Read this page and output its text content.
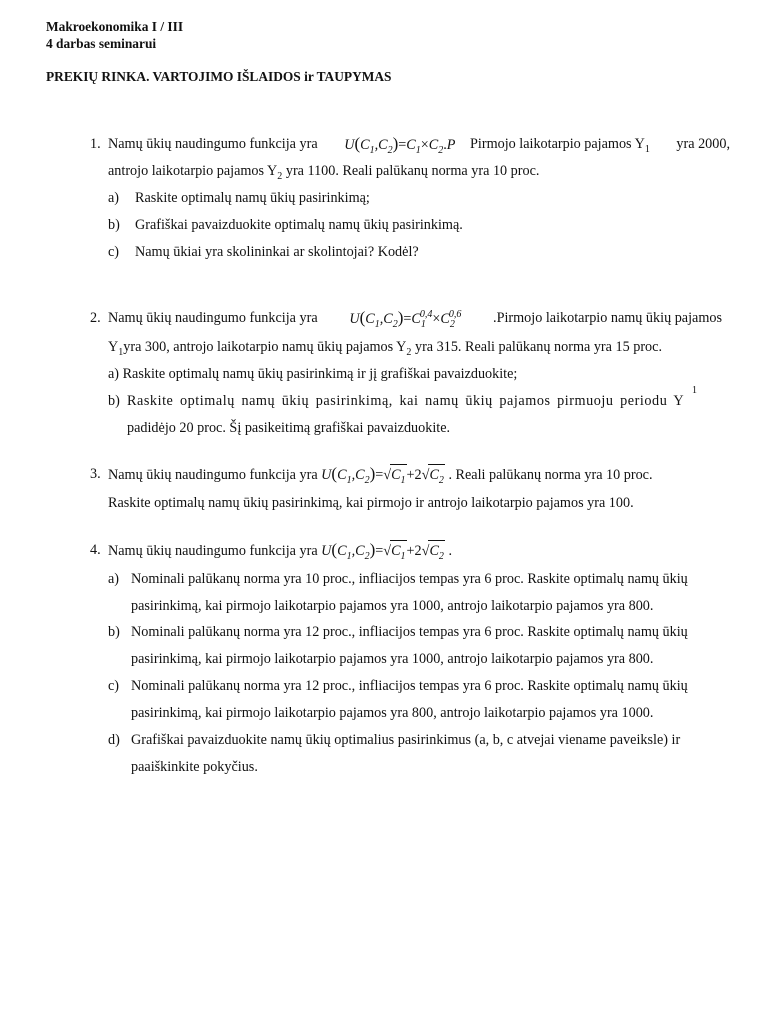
Makroekonomika I / III
4 darbas seminarui
PREKIŲ RINKA. VARTOJIMO IŠLAIDOS ir TAUPYMAS
1. Namų ūkių naudingumo funkcija yra $U(C_1,C_2)=C_1\times C_2.P$ Pirmojo laikotarpio pajamos $Y_1$ yra 2000,
antrojo laikotarpio pajamos $Y_2$ yra 1100. Reali palūkanų norma yra 10 proc.
a) Raskite optimalų namų ūkių pasirinkimą;
b) Grafiškai pavaizduokite optimalų namų ūkių pasirinkimą.
c) Namų ūkiai yra skolininkai ar skolintojai? Kodėl?
2. Namų ūkių naudingumo funkcija yra $U(C_1,C_2)=C_1^{0,4}\times C_2^{0,6}$ .Pirmojo laikotarpio namų ūkių pajamos
$Y_1yra$ 300, antrojo laikotarpio namų ūkių pajamos $Y_2$ yra 315. Reali palūkanų norma yra 15 proc.
a) Raskite optimalų namų ūkių pasirinkimą ir jį grafiškai pavaizduokite;
b) Raskite optimalų namų ūkių pasirinkimą, kai namų ūkių pajamos pirmuoju periodu Y
1
padidėjo 20 proc. Šį pasikeitimą grafiškai pavaizduokite.
3. Namų ūkių naudingumo funkcija yra $U(C_1,C_2)=√C_1+2√C_2$ . Reali palūkanų norma yra 10 proc.
Raskite optimalų namų ūkių pasirinkimą, kai pirmojo ir antrojo laikotarpio pajamos yra 100.
4. Namų ūkių naudingumo funkcija yra $U(C_1,C_2)=√C_1+2√C_2$ .
a) Nominali palūkanų norma yra 10 proc., infliacijos tempas yra 6 proc. Raskite optimalų namų ūkių
pasirinkimą, kai pirmojo laikotarpio pajamos yra 1000, antrojo laikotarpio pajamos yra 800.
b) Nominali palūkanų norma yra 12 proc., infliacijos tempas yra 6 proc. Raskite optimalų namų ūkių
pasirinkimą, kai pirmojo laikotarpio pajamos yra 1000, antrojo laikotarpio pajamos yra 800.
c) Nominali palūkanų norma yra 12 proc., infliacijos tempas yra 6 proc. Raskite optimalų namų ūkių
pasirinkimą, kai pirmojo laikotarpio pajamos yra 800, antrojo laikotarpio pajamos yra 1000.
d) Grafiškai pavaizduokite namų ūkių optimalius pasirinkimus (a, b, c atvejai viename paveiksle) ir
paaiškinkite pokyčius.
